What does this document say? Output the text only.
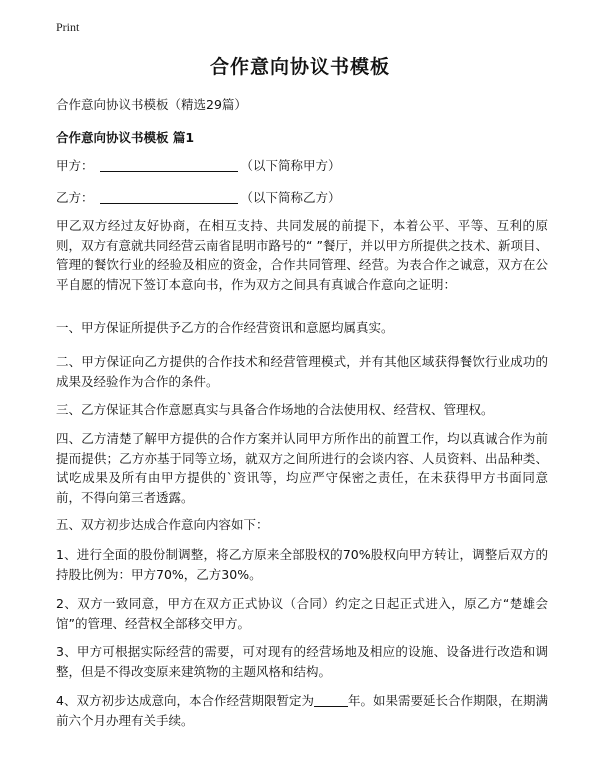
Print
合作意向协议书模板

合作意向协议书模板（精选29篇）

合作意向协议书模板 篇1

甲方：	（以下简称甲方）

乙方：	（以下简称乙方）

甲乙双方经过友好协商，在相互支持、共同发展的前提下，本着公平、平等、互利的原则，双方有意就共同经营云南省昆明市路号的“ ”餐厅，并以甲方所提供之技术、新项目、管理的餐饮行业的经验及相应的资金，合作共同管理、经营。为表合作之诚意，双方在公平自愿的情况下签订本意向书，作为双方之间具有真诚合作意向之证明：

一、甲方保证所提供予乙方的合作经营资讯和意愿均属真实。

二、甲方保证向乙方提供的合作技术和经营管理模式，并有其他区域获得餐饮行业成功的成果及经验作为合作的条件。

三、乙方保证其合作意愿真实与具备合作场地的合法使用权、经营权、管理权。

四、乙方清楚了解甲方提供的合作方案并认同甲方所作出的前置工作，均以真诚合作为前提而提供；乙方亦基于同等立场，就双方之间所进行的会谈内容、人员资料、出品种类、试吃成果及所有由甲方提供的`资讯等，均应严守保密之责任，在未获得甲方书面同意前，不得向第三者透露。

五、双方初步达成合作意向内容如下：

1、进行全面的股份制调整，将乙方原来全部股权的70%股权向甲方转让，调整后双方的持股比例为：甲方70%，乙方30%。

2、双方一致同意，甲方在双方正式协议（合同）约定之日起正式进入，原乙方“楚雄会馆”的管理、经营权全部移交甲方。

3、甲方可根据实际经营的需要，可对现有的经营场地及相应的设施、设备进行改造和调整，但是不得改变原来建筑物的主题风格和结构。

4、双方初步达成意向，本合作经营期限暂定为	年。如果需要延长合作期限，在期满前六个月办理有关手续。
